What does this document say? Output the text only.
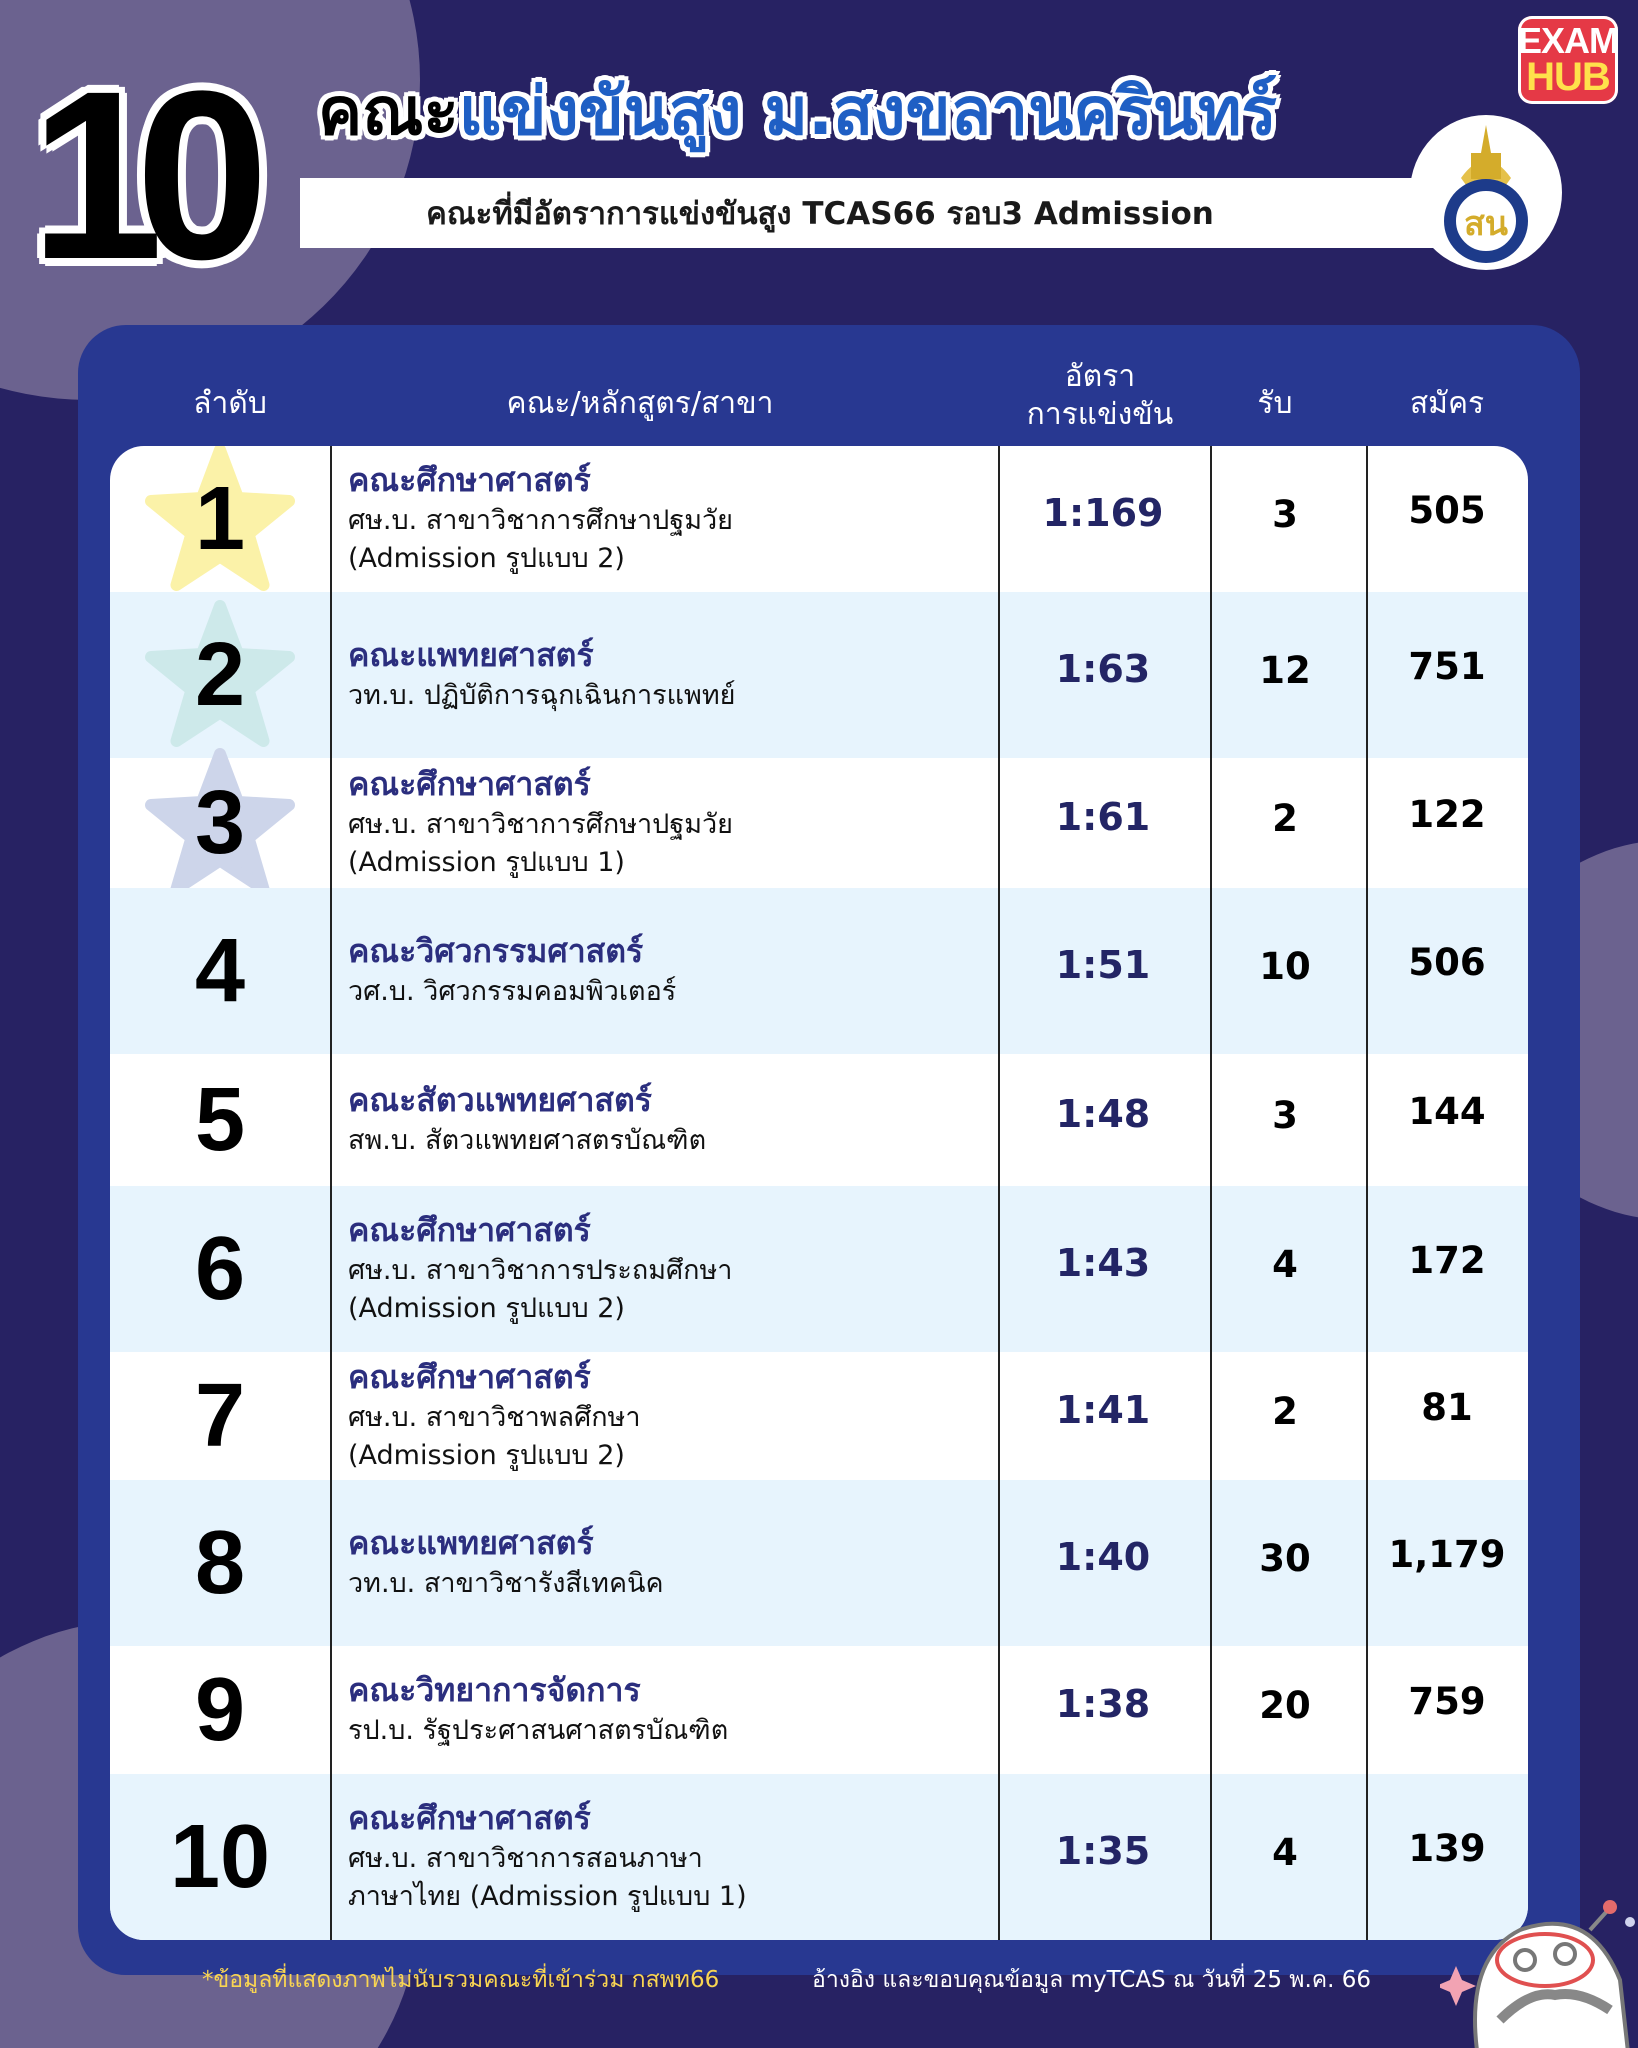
10 คณะแข่งขันสูง ม.สงขลานครินทร์
คณะที่มีอัตราการแข่งขันสูง TCAS66 รอบ3 Admission	สน
EXAM
HUB
ลำดับ	คณะ/หลักสูตร/สาขา
อัตรา
การแข่งขัน	รับ	สมัคร
1	คณะศึกษาศาสตร์
ศษ.บ. สาขาวิชาการศึกษาปฐมวัย
(Admission รูปแบบ 2)
1:169	3	505
2	คณะแพทยศาสตร์
วท.บ. ปฏิบัติการฉุกเฉินการแพทย์
1:63	12	751
3	คณะศึกษาศาสตร์
ศษ.บ. สาขาวิชาการศึกษาปฐมวัย
(Admission รูปแบบ 1)
1:61	2	122
4	คณะวิศวกรรมศาสตร์
วศ.บ. วิศวกรรมคอมพิวเตอร์
1:51	10	506
5	คณะสัตวแพทยศาสตร์
สพ.บ. สัตวแพทยศาสตรบัณฑิต
1:48	3	144
6	คณะศึกษาศาสตร์
ศษ.บ. สาขาวิชาการประถมศึกษา
(Admission รูปแบบ 2)
1:43	4	172
7	คณะศึกษาศาสตร์
ศษ.บ. สาขาวิชาพลศึกษา
(Admission รูปแบบ 2)
1:41	2	81
8	คณะแพทยศาสตร์
วท.บ. สาขาวิชารังสีเทคนิค
1:40	30	1,179
9	คณะวิทยาการจัดการ
รป.บ. รัฐประศาสนศาสตรบัณฑิต
1:38	20	759
10 คณะศึกษาศาสตร์
ศษ.บ. สาขาวิชาการสอนภาษา
ภาษาไทย (Admission รูปแบบ 1)
1:35	4	139
*ข้อมูลที่แสดงภาพไม่นับรวมคณะที่เข้าร่วม กสพท66	อ้างอิง และขอบคุณข้อมูล myTCAS ณ วันที่ 25 พ.ค. 66
